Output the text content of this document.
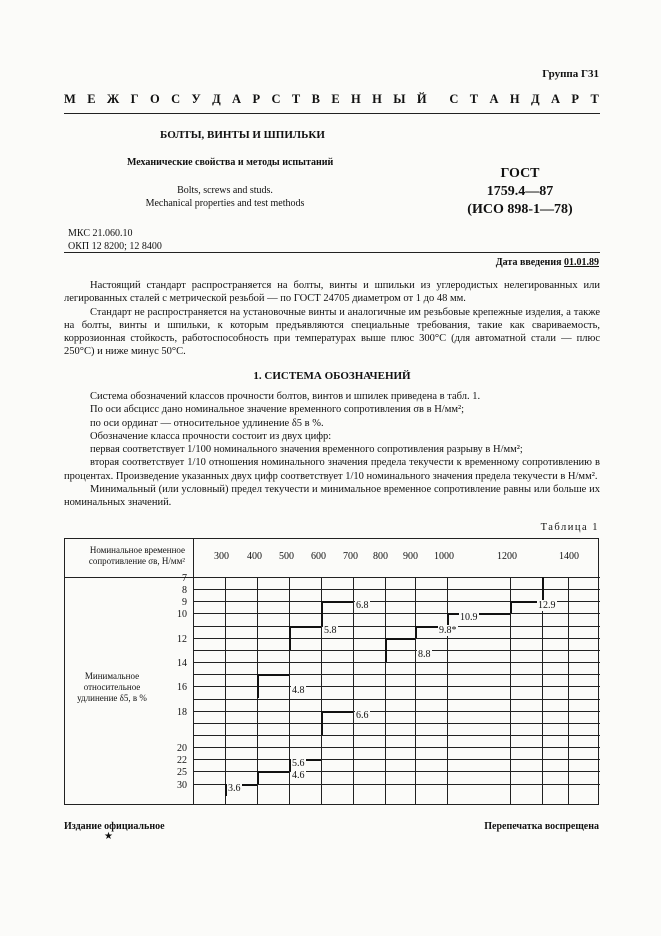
Группа Г31
М Е Ж Г О С У Д А Р С Т В Е Н Н Ы Й С Т А Н Д А Р Т
БОЛТЫ, ВИНТЫ И ШПИЛЬКИ
Механические свойства и методы испытаний
Bolts, screws and studs.
Mechanical properties and test methods
ГОСТ
1759.4—87
(ИСО 898-1—78)
МКС 21.060.10
ОКП 12 8200; 12 8400
Дата введения 01.01.89

Настоящий стандарт распространяется на болты, винты и шпильки из углеродистых нелегированных или легированных сталей с метрической резьбой — по ГОСТ 24705 диаметром от 1 до 48 мм.

Стандарт не распространяется на установочные винты и аналогичные им резьбовые крепежные изделия, а также на болты, винты и шпильки, к которым предъявляются специальные требования, такие как свариваемость, коррозионная стойкость, работоспособность при температурах выше плюс 300°С (для автоматной стали — плюс 250°С) и ниже минус 50°С.

1. СИСТЕМА ОБОЗНАЧЕНИЙ

Система обозначений классов прочности болтов, винтов и шпилек приведена в табл. 1.

По оси абсцисс дано номинальное значение временного сопротивления σв в Н/мм²;

по оси ординат — относительное удлинение δ5 в %.

Обозначение класса прочности состоит из двух цифр:

первая соответствует 1/100 номинального значения временного сопротивления разрыву в Н/мм²;

вторая соответствует 1/10 отношения номинального значения предела текучести к временному сопротивлению в процентах. Произведение указанных двух цифр соответствует 1/10 номинального значения предела текучести в Н/мм².

Минимальный (или условный) предел текучести и минимальное временное сопротивление равны или больше их номинальных значений.

Таблица 1
Номинальное временное сопротивление σв, Н/мм²
Минимальное относительное удлинение δ5, в %
300 400 500 600 700 800 900 1000	1200	1400
7
8
9
10
12
14
16
18
20
22
25
30	3.6
4.6
5.6
4.8
6.6
5.8
6.8
8.8
9.8*
10.9
12.9
Издание официальное	Перепечатка воспрещена
★
